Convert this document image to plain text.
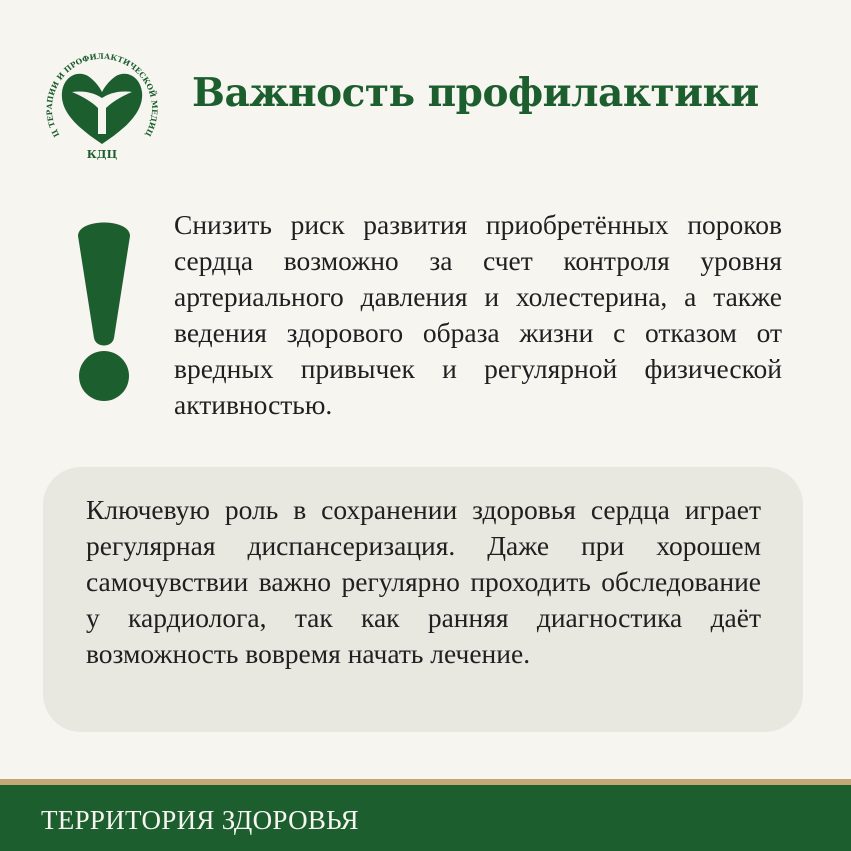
Ц ТЕРАПИИ И ПРОФИЛАКТИЧЕСКОЙ МЕДИЦ
КДЦ
Важность профилактики
Снизить риск развития приобретённых пороков сердца возможно за счет контроля уровня артериального давления и холестерина, а также ведения здорового образа жизни с отказом от вредных привычек и регулярной физической активностью.
Ключевую роль в сохранении здоровья сердца играет регулярная диспансеризация. Даже при хорошем самочувствии важно регулярно проходить обследование у кардиолога, так как ранняя диагностика даёт возможность вовремя начать лечение.
ТЕРРИТОРИЯ ЗДОРОВЬЯ
